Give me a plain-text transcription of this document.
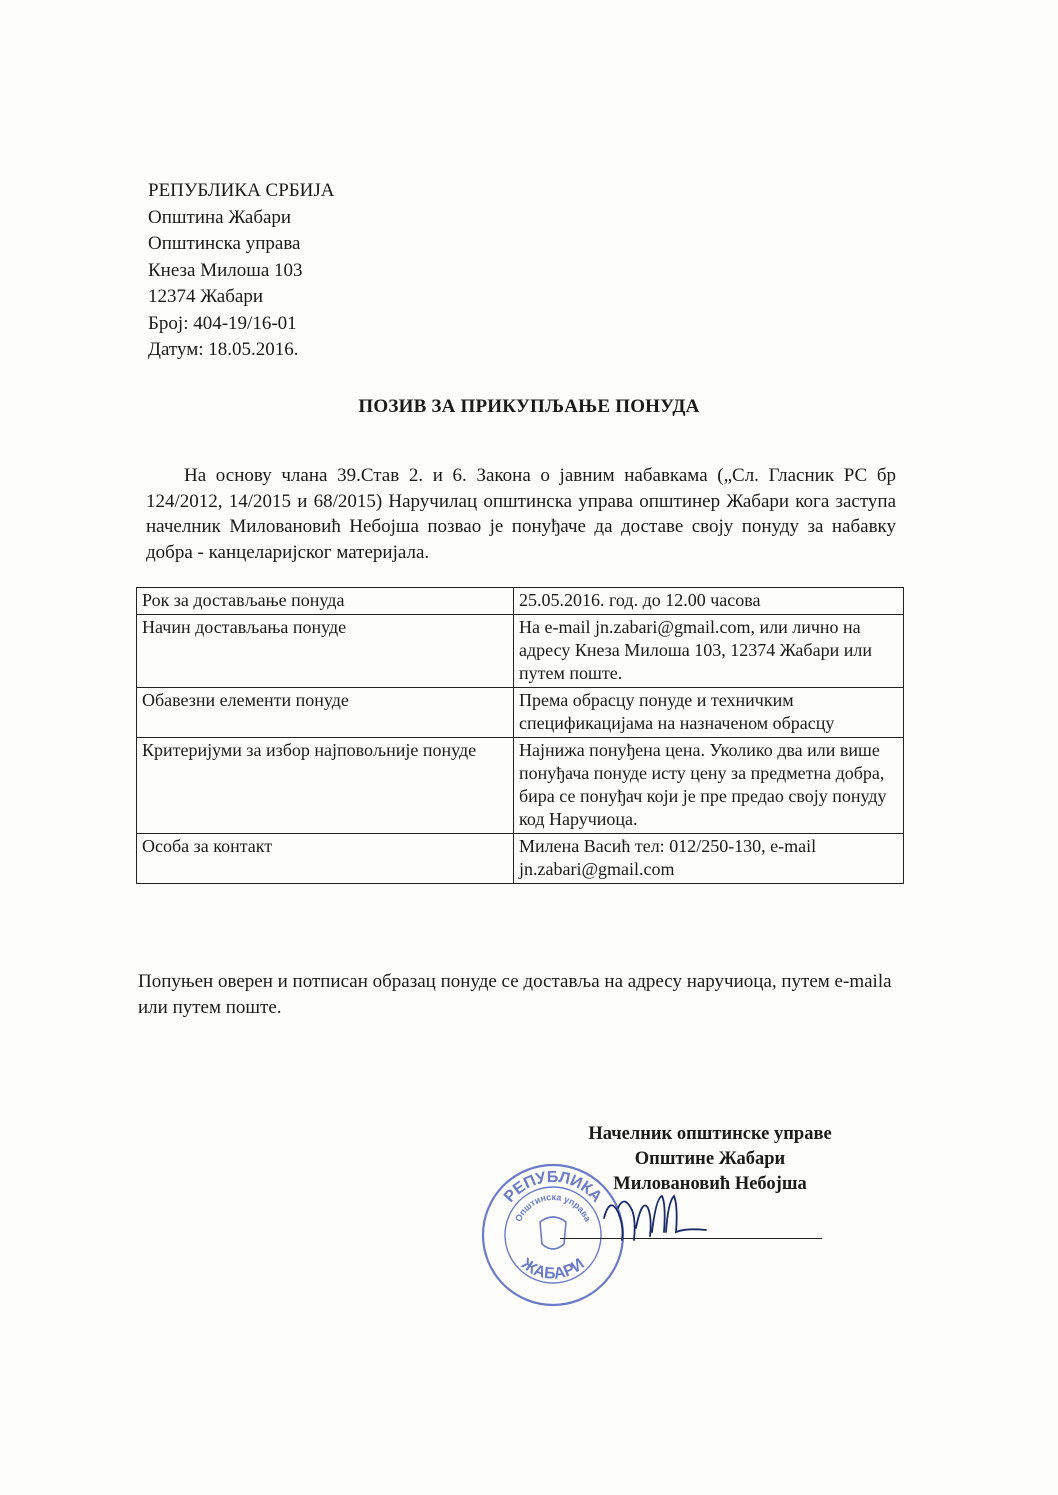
РЕПУБЛИКА СРБИЈА
Општина Жабари
Општинска управа
Кнеза Милоша 103
12374 Жабари
Број: 404-19/16-01
Датум: 18.05.2016.
ПОЗИВ ЗА ПРИКУПЉАЊЕ ПОНУДА
На основу члана 39.Став 2. и 6. Закона о јавним набавкама („Сл. Гласник РС бр 124/2012, 14/2015 и 68/2015) Наручилац општинска управа општинер Жабари кога заступа начелник Миловановић Небојша позвао је понуђаче да доставе своју понуду за набавку добра - канцеларијског материјала.
Рок за достављање понуда	25.05.2016. год. до 12.00 часова
Начин достављања понуде	На e-mail jn.zabari@gmail.com, или лично на адресу Кнеза Милоша 103, 12374 Жабари или путем поште.
Обавезни елементи понуде	Према обрасцу понуде и техничким спецификацијама на назначеном обрасцу
Критеријуми за избор најповољније понуде	Најнижа понуђена цена. Уколико два или више понуђача понуде исту цену за предметна добра, бира се понуђач који је пре предао своју понуду код Наручиоца.
Особа за контакт	Милена Васић тел: 012/250-130, e-mail jn.zabari@gmail.com
Попуњен оверен и потписан образац понуде се доставља на адресу наручиоца, путем e-maila или путем поште.
РЕПУБЛИКА
ЖАБАРИ
Општинска управа
Начелник општинске управе
Општине Жабари
Миловановић Небојша
